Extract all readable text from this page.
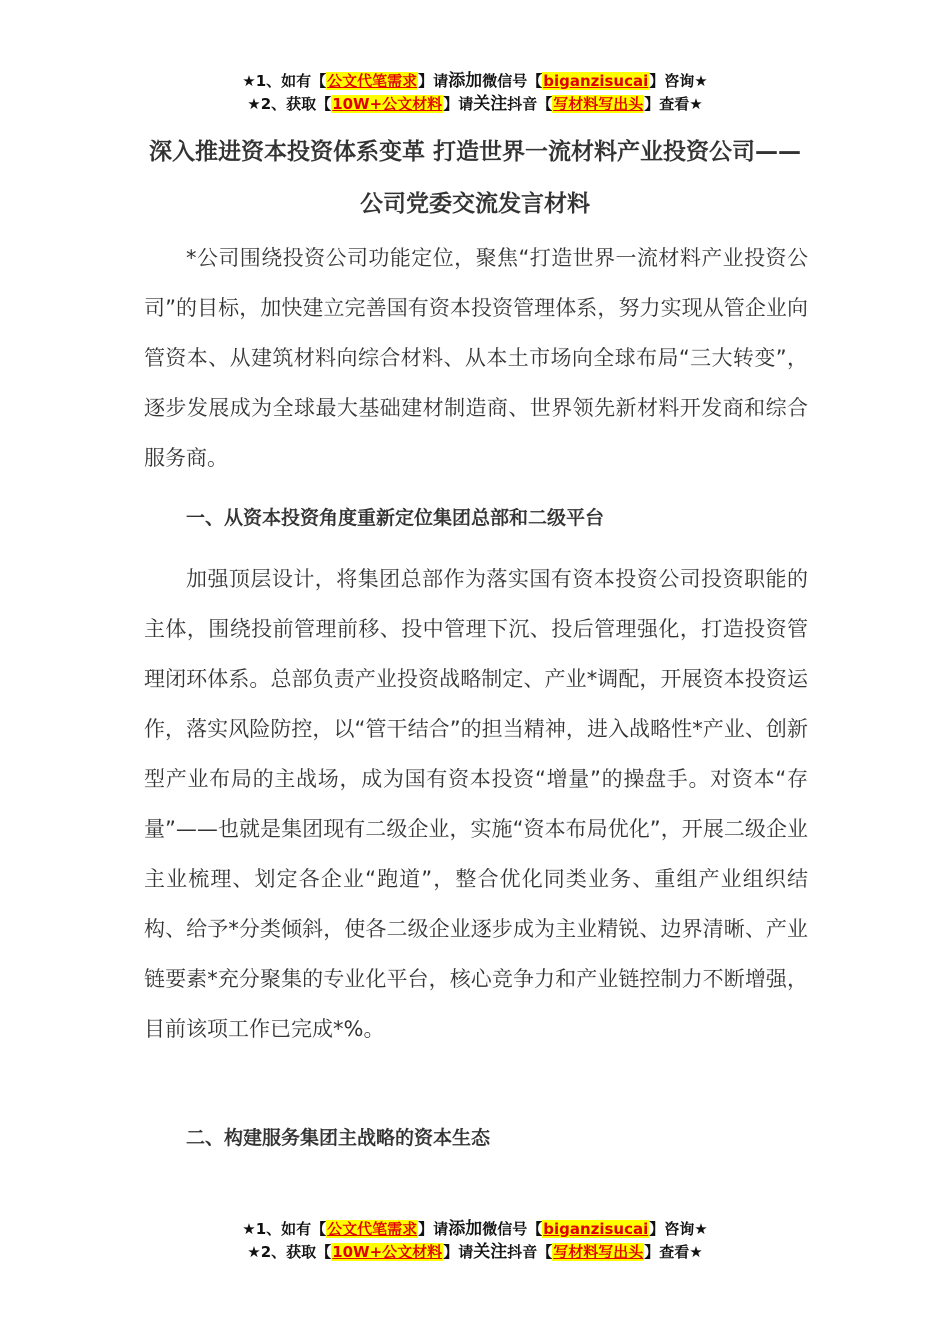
★1、如有【公文代笔需求】请添加微信号【biganzisucai】咨询★
★2、获取【10W+公文材料】请关注抖音【写材料写出头】查看★
深入推进资本投资体系变革 打造世界一流材料产业投资公司——公司党委交流发言材料

*公司围绕投资公司功能定位，聚焦“打造世界一流材料产业投资公司”的目标，加快建立完善国有资本投资管理体系，努力实现从管企业向管资本、从建筑材料向综合材料、从本土市场向全球布局“三大转变”，逐步发展成为全球最大基础建材制造商、世界领先新材料开发商和综合服务商。

一、从资本投资角度重新定位集团总部和二级平台

加强顶层设计，将集团总部作为落实国有资本投资公司投资职能的主体，围绕投前管理前移、投中管理下沉、投后管理强化，打造投资管理闭环体系。总部负责产业投资战略制定、产业*调配，开展资本投资运作，落实风险防控，以“管干结合”的担当精神，进入战略性*产业、创新型产业布局的主战场，成为国有资本投资“增量”的操盘手。对资本“存量”——也就是集团现有二级企业，实施“资本布局优化”，开展二级企业主业梳理、划定各企业“跑道”，整合优化同类业务、重组产业组织结构、给予*分类倾斜，使各二级企业逐步成为主业精锐、边界清晰、产业链要素*充分聚集的专业化平台，核心竞争力和产业链控制力不断增强，目前该项工作已完成*%。

二、构建服务集团主战略的资本生态

★1、如有【公文代笔需求】请添加微信号【biganzisucai】咨询★
★2、获取【10W+公文材料】请关注抖音【写材料写出头】查看★
